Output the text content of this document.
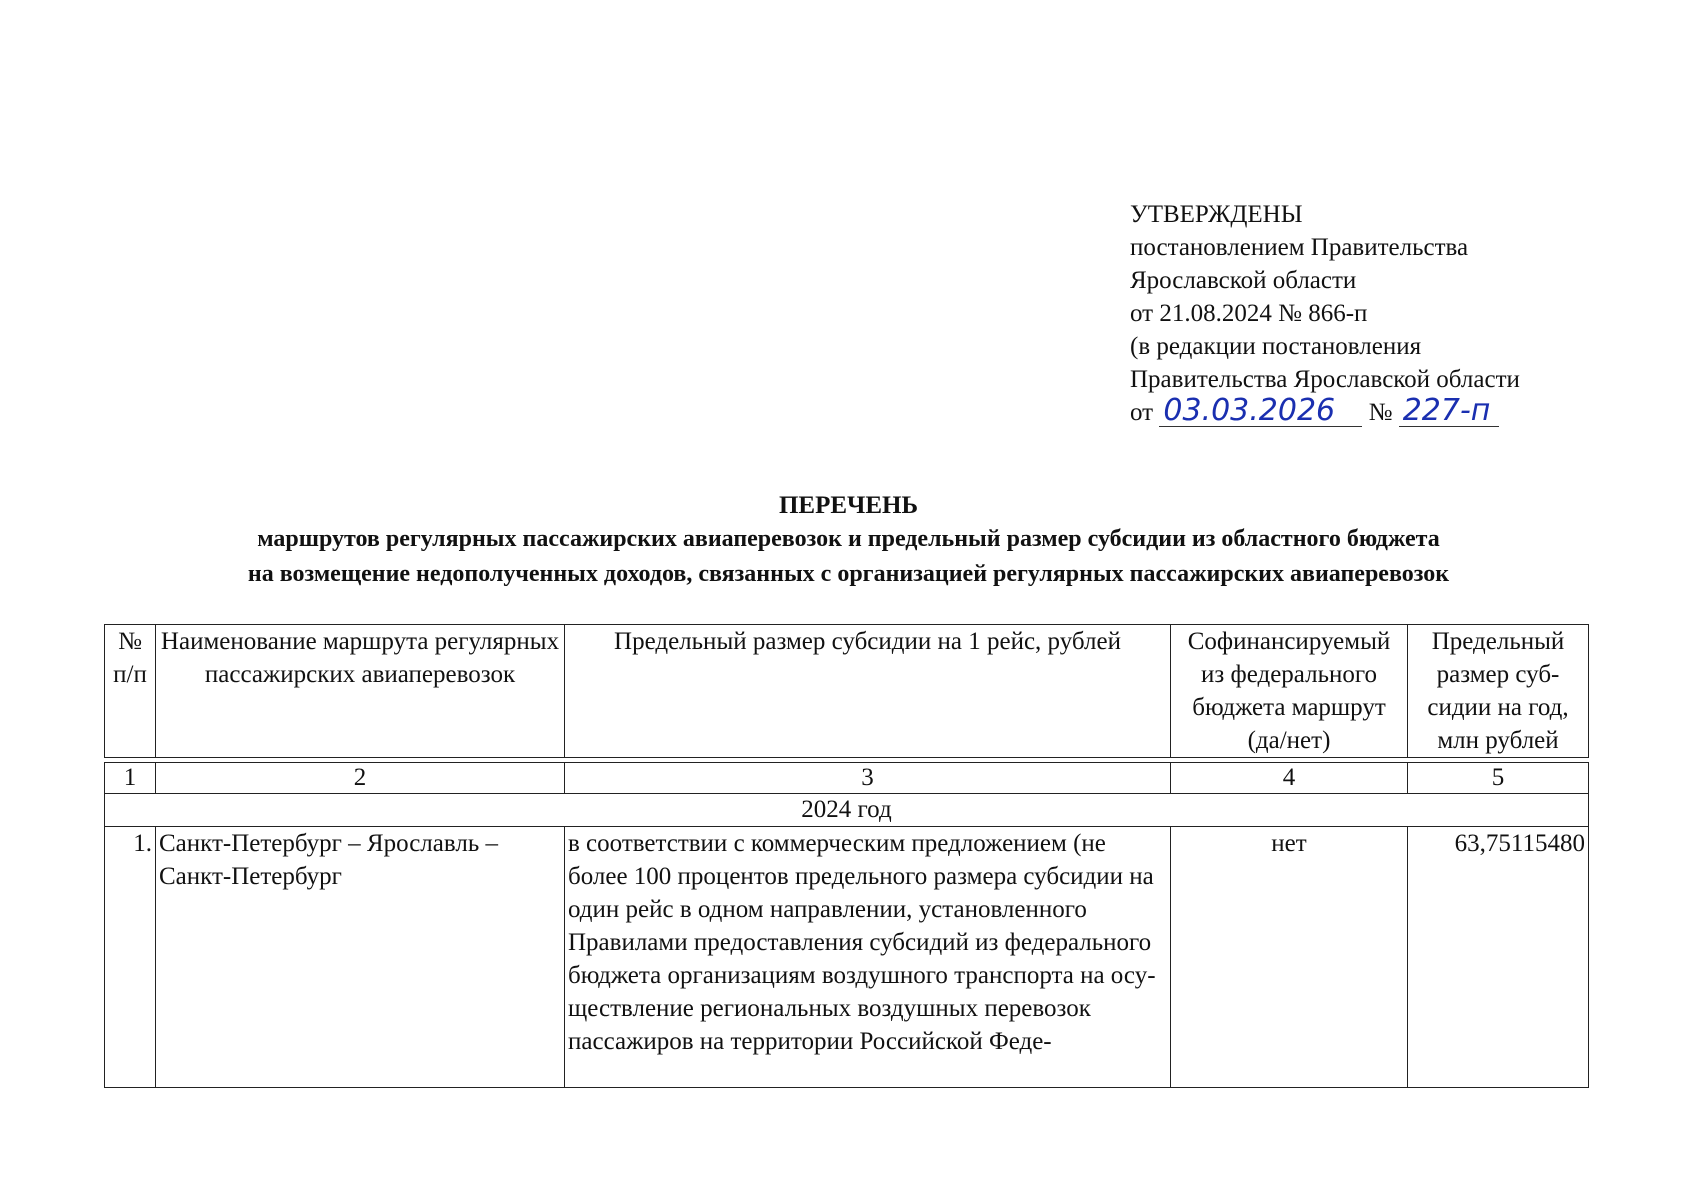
УТВЕРЖДЕНЫ
постановлением Правительства
Ярославской области
от 21.08.2024 № 866-п
(в редакции постановления
Правительства Ярославской области
от 03.03.2026 № 227-п
ПЕРЕЧЕНЬ
маршрутов регулярных пассажирских авиаперевозок и предельный размер субсидии из областного бюджета
на возмещение недополученных доходов, связанных с организацией регулярных пассажирских авиаперевозок
№ п/п	Наименование маршрута регулярных пассажирских авиаперевозок	Предельный размер субсидии на 1 рейс, рублей	Софинансируемый из федерального бюджета маршрут (да/нет)	Предельный размер суб-сидии на год, млн рублей

1	2	3	4	5
2024 год				
1.	Санкт-Петербург – Ярославль – Санкт-Петербург	в соответствии с коммерческим предложением (не более 100 процентов предельного размера субсидии на один рейс в одном направлении, установленного Правилами предоставления субсидий из федерального бюджета организациям воздушного транспорта на осу-ществление региональных воздушных перевозок пассажиров на территории Российской Феде-	нет	63,75115480
